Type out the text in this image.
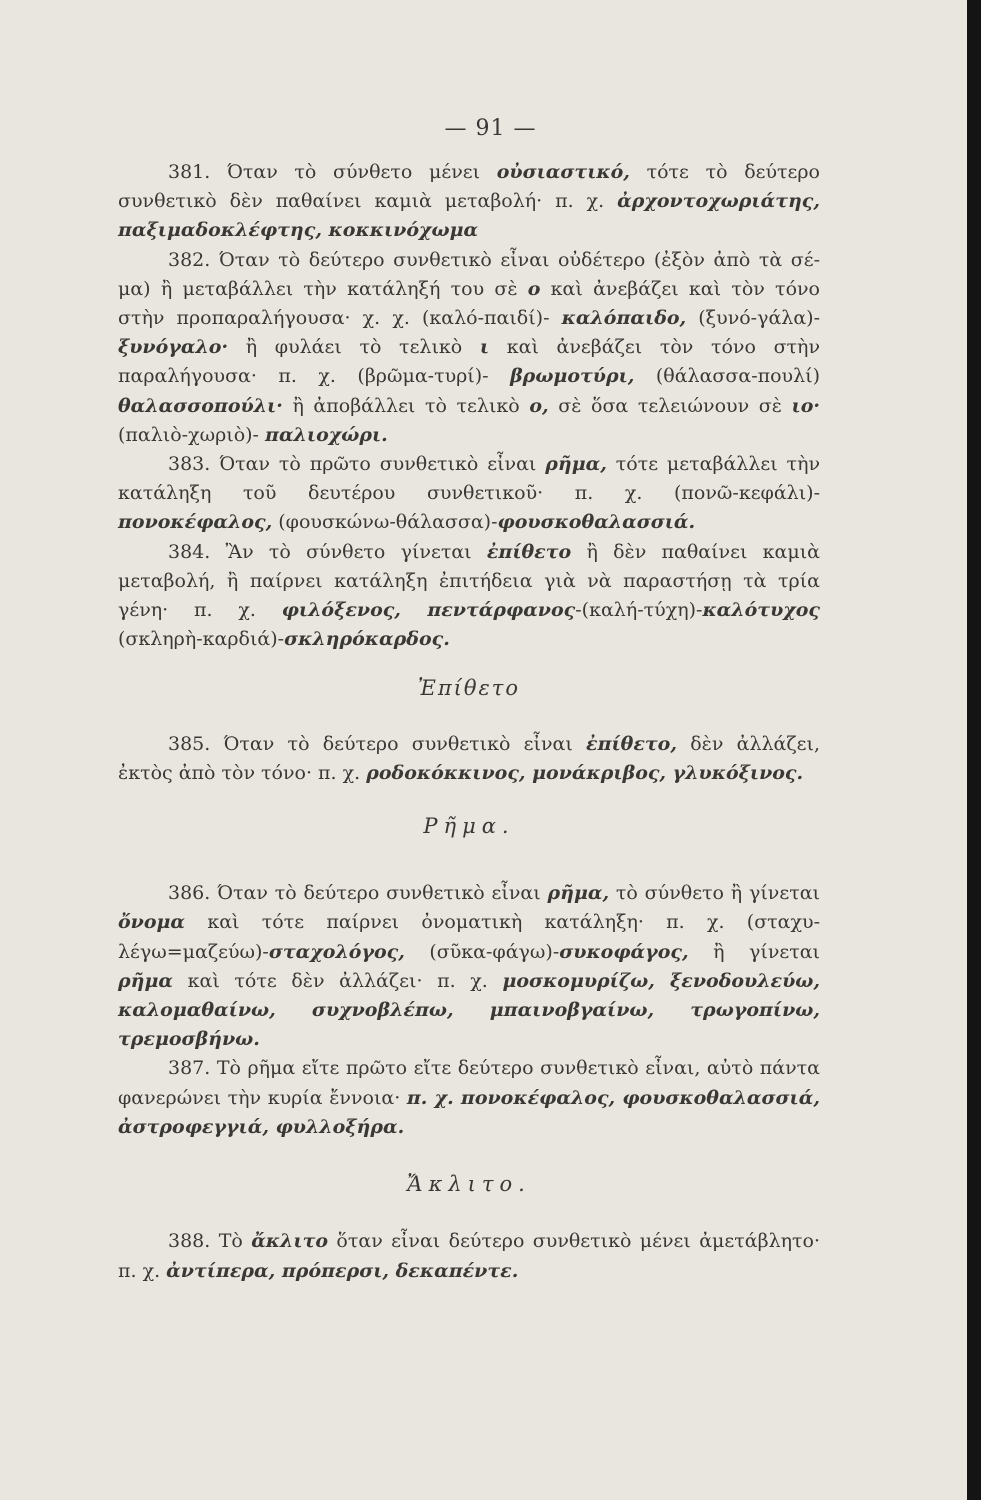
— 91 —

381. Όταν τὸ σύνθετο μένει οὐσιαστικό, τότε τὸ δεύτερο συνθετικὸ δὲν παθαίνει καμιὰ μεταβολή· π. χ. ἀρχοντοχωριάτης, παξιμαδοκλέφτης, κοκκινόχωμα

382. Όταν τὸ δεύτερο συνθετικὸ εἶναι οὐδέτερο (ἐξὸν ἀπὸ τὰ σέ-μα) ἢ μεταβάλλει τὴν κατάληξή του σὲ ο καὶ ἀνεβάζει καὶ τὸν τόνο στὴν προπαραλήγουσα· χ. χ. (καλό-παιδί)- καλόπαιδο, (ξυνό-γάλα)-ξυνόγαλο· ἢ φυλάει τὸ τελικὸ ι καὶ ἀνεβάζει τὸν τόνο στὴν παραλήγουσα· π. χ. (βρῶμα-τυρί)- βρωμοτύρι, (θάλασσα-πουλί) θαλασσοπούλι· ἢ ἀποβάλλει τὸ τελικὸ ο, σὲ ὅσα τελειώνουν σὲ ιο· (παλιὸ-χωριὸ)- παλιοχώρι.

383. Όταν τὸ πρῶτο συνθετικὸ εἶναι ρῆμα, τότε μεταβάλλει τὴν κατάληξη τοῦ δευτέρου συνθετικοῦ· π. χ. (πονῶ-κεφάλι)-πονοκέφαλος, (φουσκώνω-θάλασσα)-φουσκοθαλασσιά.

384. Ἂν τὸ σύνθετο γίνεται ἐπίθετο ἢ δὲν παθαίνει καμιὰ μεταβολή, ἢ παίρνει κατάληξη ἐπιτήδεια γιὰ νὰ παραστήσῃ τὰ τρία γένη· π. χ. φιλόξενος, πεντάρφανος-(καλή-τύχη)-καλότυχος (σκληρὴ-καρδιά)-σκληρόκαρδος.

Ἐπίθετο

385. Όταν τὸ δεύτερο συνθετικὸ εἶναι ἐπίθετο, δὲν ἀλλάζει, ἐκτὸς ἀπὸ τὸν τόνο· π. χ. ροδοκόκκινος, μονάκριβος, γλυκόξινος.

Ρῆμα.

386. Όταν τὸ δεύτερο συνθετικὸ εἶναι ρῆμα, τὸ σύνθετο ἢ γίνεται ὄνομα καὶ τότε παίρνει ὀνοματικὴ κατάληξη· π. χ. (σταχυ-λέγω=μαζεύω)-σταχολόγος, (σῦκα-φάγω)-συκοφάγος, ἢ γίνεται ρῆμα καὶ τότε δὲν ἀλλάζει· π. χ. μοσκομυρίζω, ξενοδουλεύω, καλομαθαίνω, συχνοβλέπω, μπαινοβγαίνω, τρωγοπίνω, τρεμοσβήνω.

387. Τὸ ρῆμα εἴτε πρῶτο εἴτε δεύτερο συνθετικὸ εἶναι, αὐτὸ πάντα φανερώνει τὴν κυρία ἔννοια· π. χ. πονοκέφαλος, φουσκοθαλασσιά, ἀστροφεγγιά, φυλλοξήρα.

Ἄκλιτο.

388. Τὸ ἄκλιτο ὅταν εἶναι δεύτερο συνθετικὸ μένει ἀμετάβλητο· π. χ. ἀντίπερα, πρόπερσι, δεκαπέντε.
